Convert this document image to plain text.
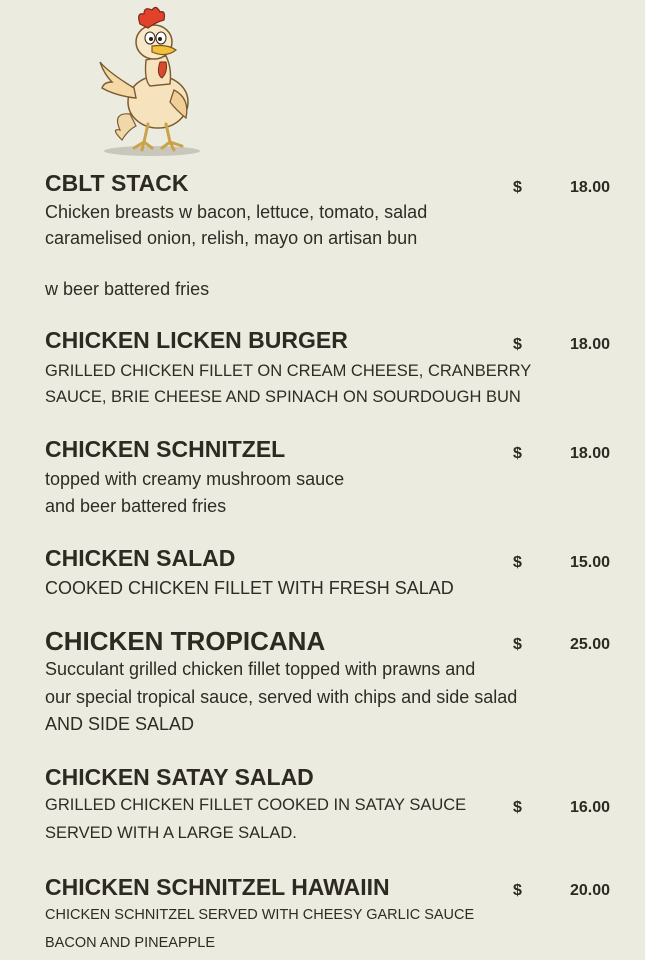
CBLT STACK	$	18.00
Chicken breasts w bacon, lettuce, tomato, salad
caramelised onion, relish, mayo on artisan bun
w beer battered fries
CHICKEN LICKEN BURGER	$	18.00
GRILLED CHICKEN FILLET ON CREAM CHEESE, CRANBERRY
SAUCE, BRIE CHEESE AND SPINACH ON SOURDOUGH BUN
CHICKEN SCHNITZEL	$	18.00
topped with creamy mushroom sauce
and beer battered fries
CHICKEN SALAD	$	15.00
COOKED CHICKEN FILLET WITH FRESH SALAD
CHICKEN TROPICANA	$	25.00
Succulant grilled chicken fillet topped with prawns and
our special tropical sauce, served with chips and side salad
AND SIDE SALAD
CHICKEN SATAY SALAD
GRILLED CHICKEN FILLET COOKED IN SATAY SAUCE	$	16.00
SERVED WITH A LARGE SALAD.
CHICKEN SCHNITZEL HAWAIIN	$	20.00
CHICKEN SCHNITZEL SERVED WITH CHEESY GARLIC SAUCE
BACON AND PINEAPPLE
